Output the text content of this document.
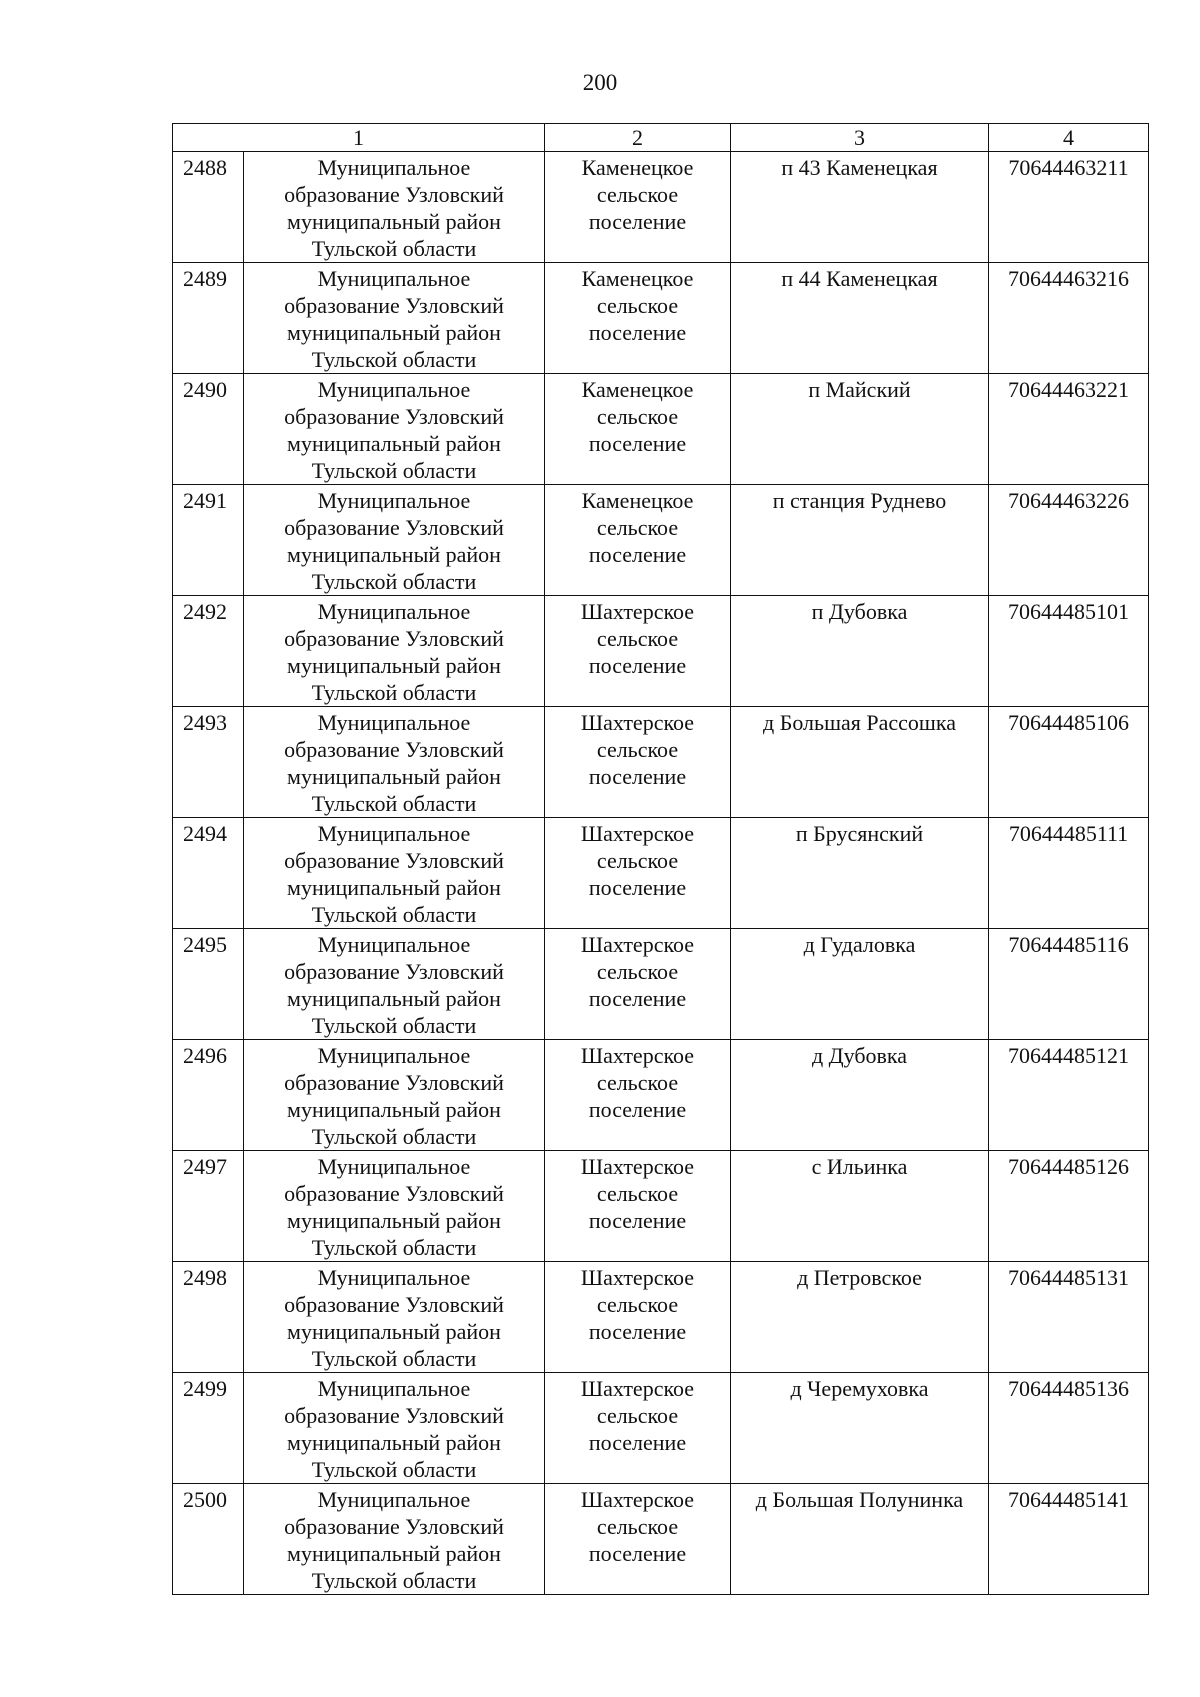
200
1		2	3	4

2488	Муниципальное
образование Узловский
муниципальный район
Тульской области	Каменецкое
сельское
поселение	п 43 Каменецкая	70644463211

2489	Муниципальное
образование Узловский
муниципальный район
Тульской области	Каменецкое
сельское
поселение	п 44 Каменецкая	70644463216

2490	Муниципальное
образование Узловский
муниципальный район
Тульской области	Каменецкое
сельское
поселение	п Майский	70644463221

2491	Муниципальное
образование Узловский
муниципальный район
Тульской области	Каменецкое
сельское
поселение	п станция Руднево	70644463226

2492	Муниципальное
образование Узловский
муниципальный район
Тульской области	Шахтерское
сельское
поселение	п Дубовка	70644485101

2493	Муниципальное
образование Узловский
муниципальный район
Тульской области	Шахтерское
сельское
поселение	д Большая Рассошка	70644485106

2494	Муниципальное
образование Узловский
муниципальный район
Тульской области	Шахтерское
сельское
поселение	п Брусянский	70644485111

2495	Муниципальное
образование Узловский
муниципальный район
Тульской области	Шахтерское
сельское
поселение	д Гудаловка	70644485116

2496	Муниципальное
образование Узловский
муниципальный район
Тульской области	Шахтерское
сельское
поселение	д Дубовка	70644485121

2497	Муниципальное
образование Узловский
муниципальный район
Тульской области	Шахтерское
сельское
поселение	с Ильинка	70644485126

2498	Муниципальное
образование Узловский
муниципальный район
Тульской области	Шахтерское
сельское
поселение	д Петровское	70644485131

2499	Муниципальное
образование Узловский
муниципальный район
Тульской области	Шахтерское
сельское
поселение	д Черемуховка	70644485136

2500	Муниципальное
образование Узловский
муниципальный район
Тульской области	Шахтерское
сельское
поселение	д Большая Полунинка	70644485141
